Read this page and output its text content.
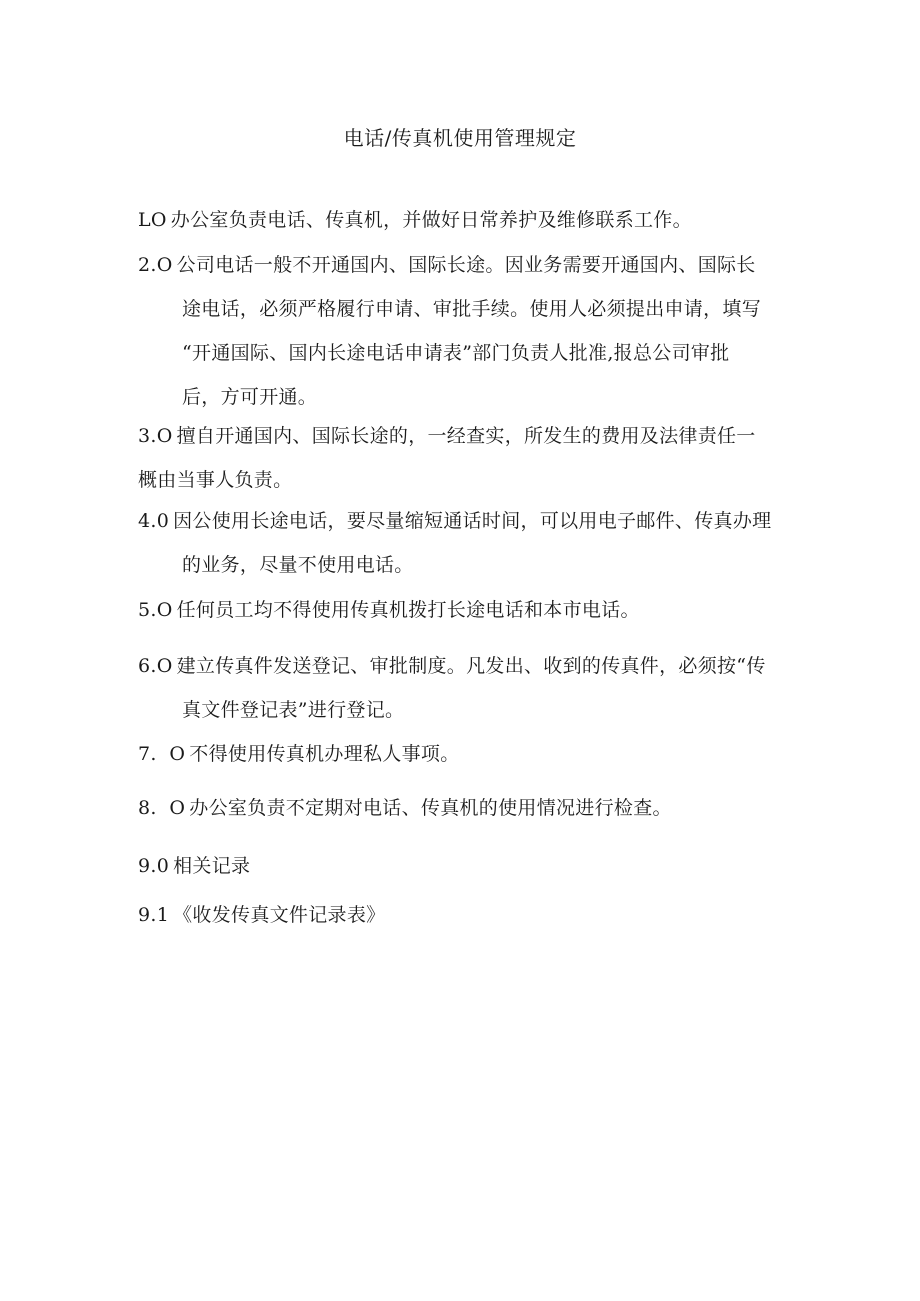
电话/传真机使用管理规定
LO 办公室负责电话、传真机，并做好日常养护及维修联系工作。
2.O 公司电话一般不开通国内、国际长途。因业务需要开通国内、国际长
途电话，必须严格履行申请、审批手续。使用人必须提出申请，填写
“开通国际、国内长途电话申请表”部门负责人批准,报总公司审批
后，方可开通。
3.O 擅自开通国内、国际长途的，一经查实，所发生的费用及法律责任一
概由当事人负责。
4.0 因公使用长途电话，要尽量缩短通话时间，可以用电子邮件、传真办理
的业务，尽量不使用电话。
5.O 任何员工均不得使用传真机拨打长途电话和本市电话。
6.O 建立传真件发送登记、审批制度。凡发出、收到的传真件，必须按“传
真文件登记表”进行登记。
7.  O 不得使用传真机办理私人事项。
8.  O 办公室负责不定期对电话、传真机的使用情况进行检查。
9.0 相关记录
9.1 《收发传真文件记录表》
